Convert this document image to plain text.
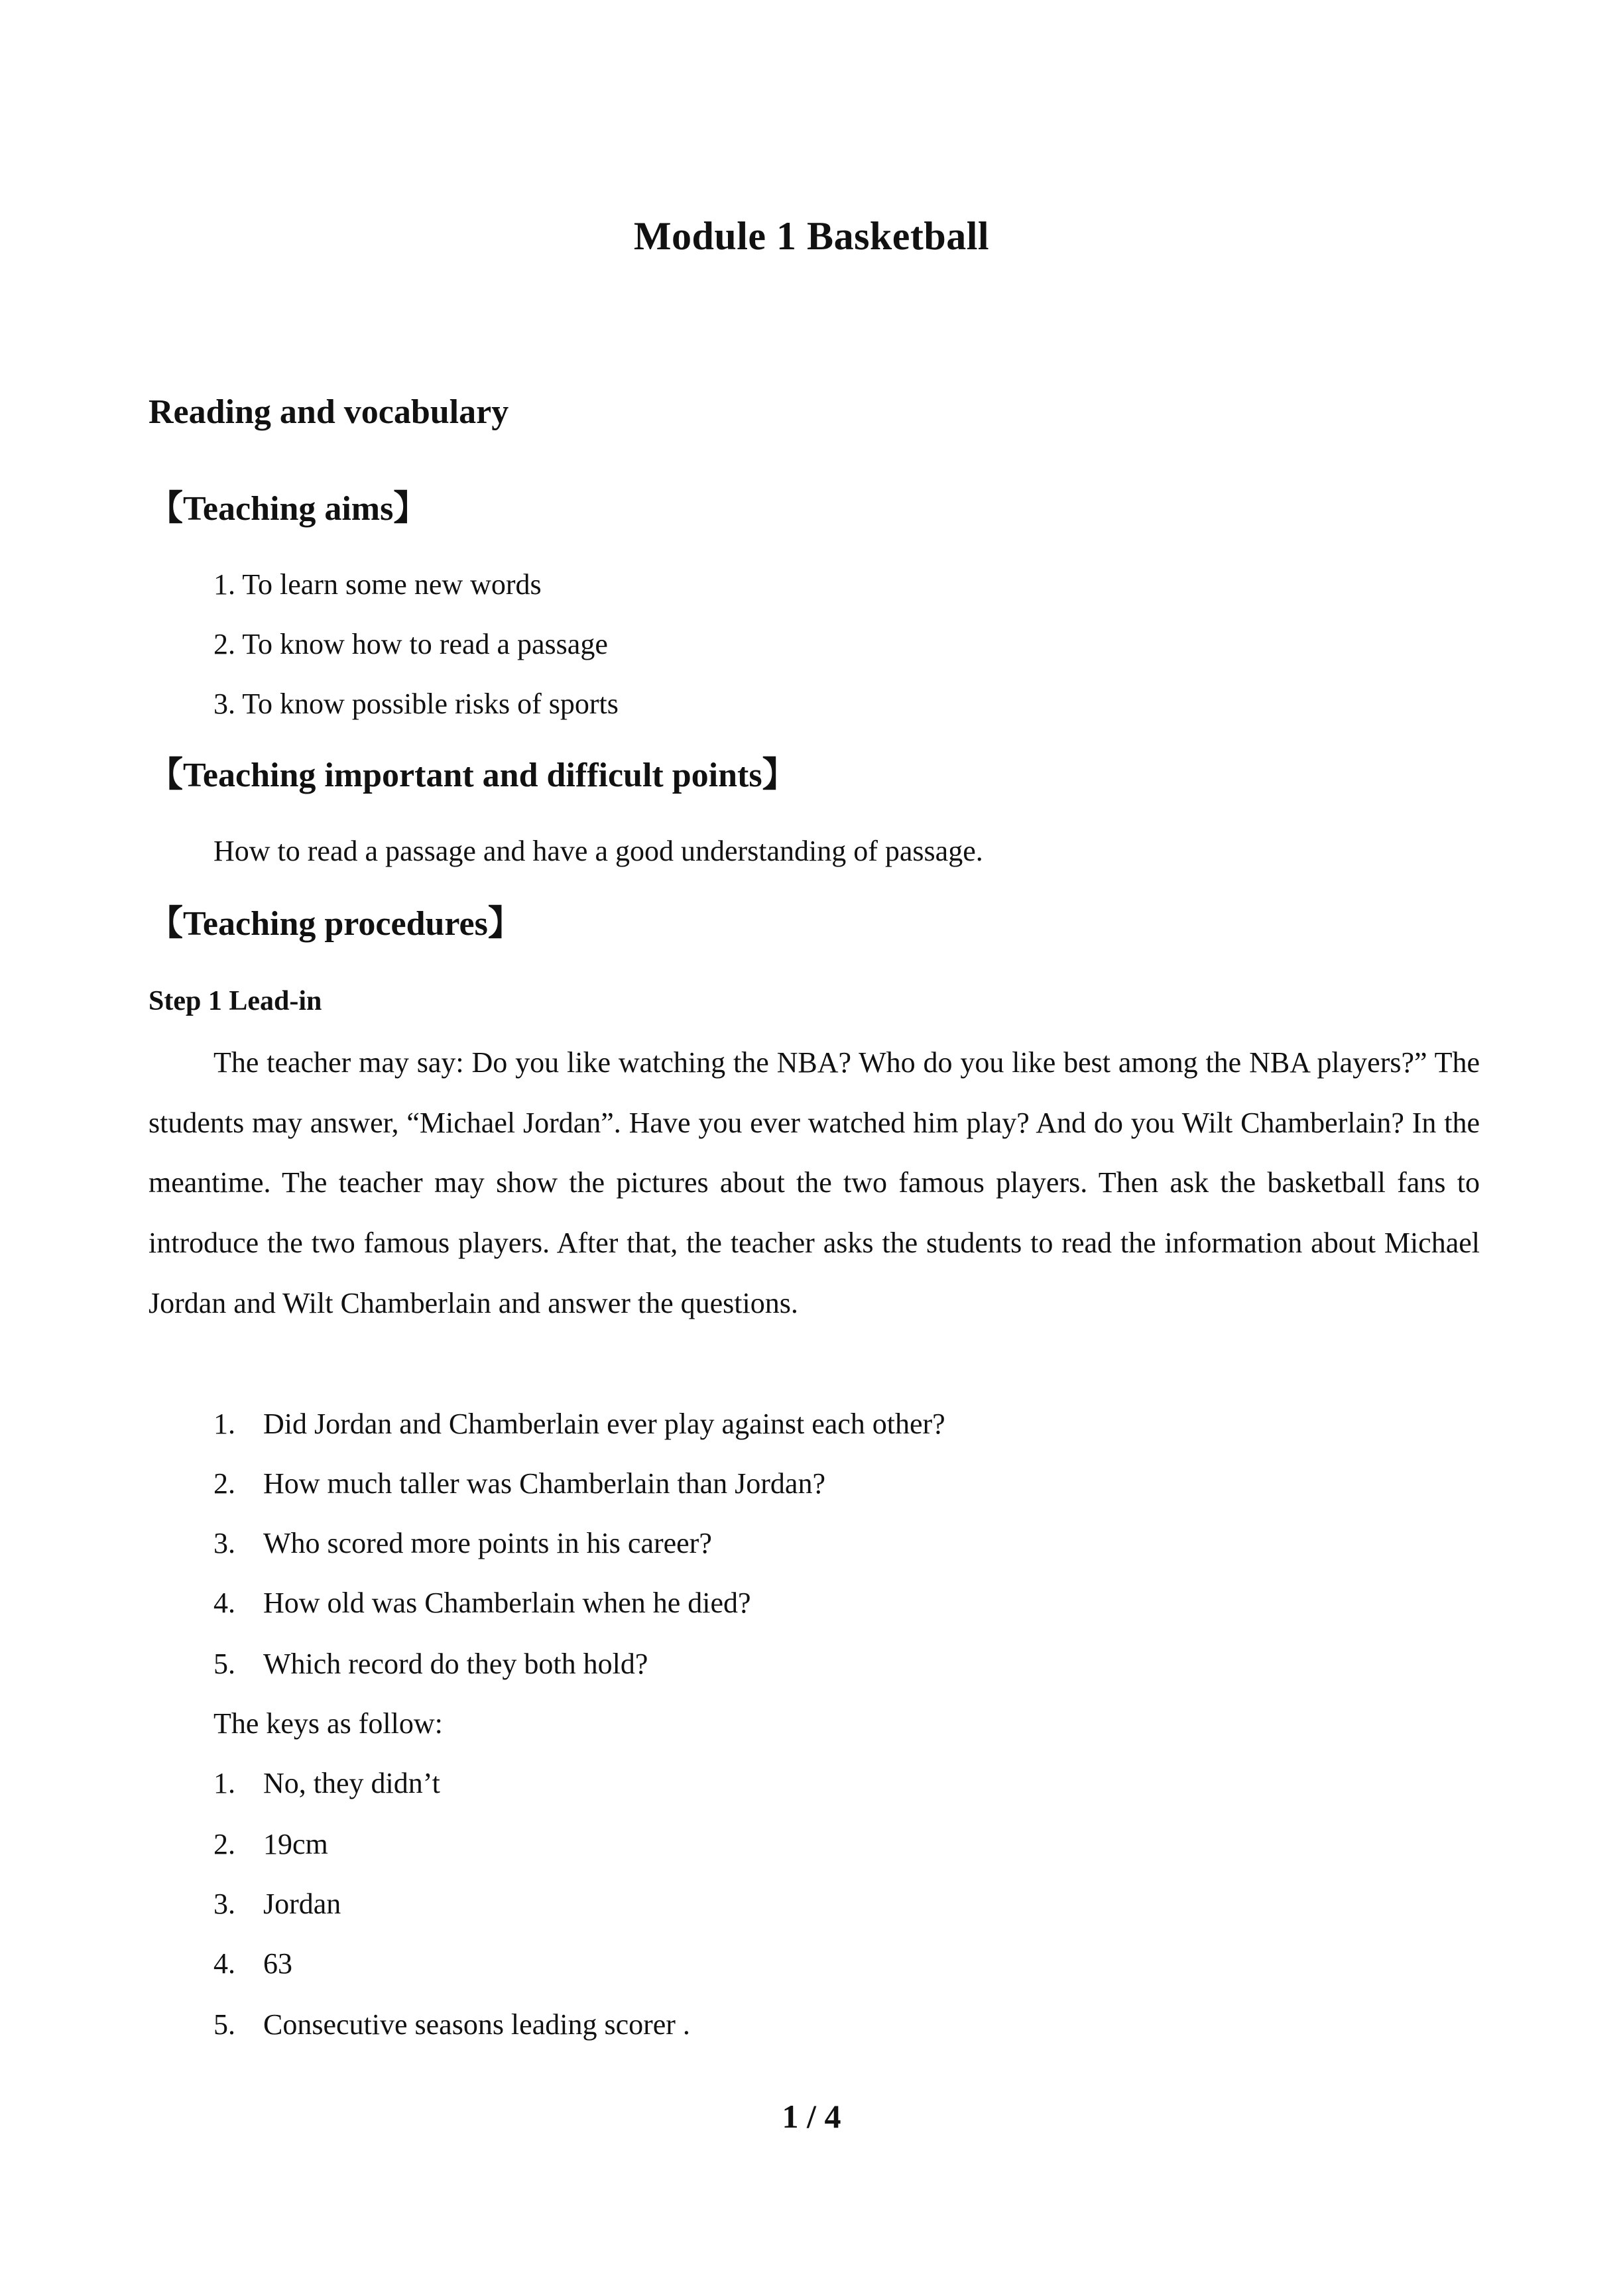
Module 1 Basketball
Reading and vocabulary
【Teaching aims】
1. To learn some new words
2. To know how to read a passage
3. To know possible risks of sports
【Teaching important and difficult points】
How to read a passage and have a good understanding of passage.
【Teaching procedures】
Step 1 Lead-in
The teacher may say: Do you like watching the NBA? Who do you like best among the NBA players?” The students may answer, “Michael Jordan”. Have you ever watched him play? And do you Wilt Chamberlain? In the meantime. The teacher may show the pictures about the two famous players. Then ask the basketball fans to introduce the two famous players. After that, the teacher asks the students to read the information about Michael Jordan and Wilt Chamberlain and answer the questions.
1. Did Jordan and Chamberlain ever play against each other?
2. How much taller was Chamberlain than Jordan?
3. Who scored more points in his career?
4. How old was Chamberlain when he died?
5. Which record do they both hold?
The keys as follow:
1. No, they didn’t
2. 19cm
3. Jordan
4. 63
5. Consecutive seasons leading scorer .
1 / 4
